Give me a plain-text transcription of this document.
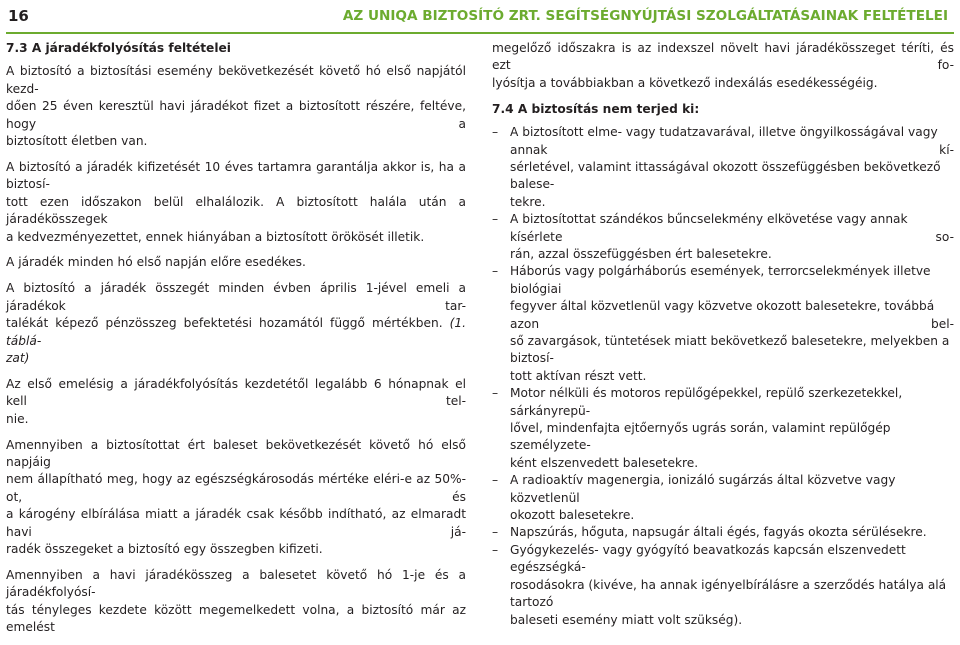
16	AZ UNIQA BIZTOSÍTÓ ZRT. SEGÍTSÉGNYÚJTÁSI SZOLGÁLTATÁSAINAK FELTÉTELEI

7.3 A járadékfolyósítás feltételei

A biztosító a biztosítási esemény bekövetkezését követő hó első napjától kezd-
dően 25 éven keresztül havi járadékot fizet a biztosított részére, feltéve, hogy a
biztosított életben van.

A biztosító a járadék kifizetését 10 éves tartamra garantálja akkor is, ha a biztosí-
tott ezen időszakon belül elhalálozik. A biztosított halála után a járadékösszegek
a kedvezményezettet, ennek hiányában a biztosított örökösét illetik.

A járadék minden hó első napján előre esedékes.

A biztosító a járadék összegét minden évben április 1-jével emeli a járadékok tar-
talékát képező pénzösszeg befektetési hozamától függő mértékben. (1. táblá-
zat)

Az első emelésig a járadékfolyósítás kezdetétől legalább 6 hónapnak el kell tel-
nie.

Amennyiben a biztosítottat ért baleset bekövetkezését követő hó első napjáig
nem állapítható meg, hogy az egészségkárosodás mértéke eléri-e az 50%-ot, és
a károgény elbírálása miatt a járadék csak később indítható, az elmaradt havi já-
radék összegeket a biztosító egy összegben kifizeti.

Amennyiben a havi járadékösszeg a balesetet követő hó 1-je és a járadékfolyósí-
tás tényleges kezdete között megemelkedett volna, a biztosító már az emelést

megelőző időszakra is az indexszel növelt havi járadékösszeget téríti, és ezt fo-
lyósítja a továbbiakban a következő indexálás esedékességéig.

7.4 A biztosítás nem terjed ki:

– A biztosított elme- vagy tudatzavarával, illetve öngyilkosságával vagy annak kí-
sérletével, valamint ittasságával okozott összefüggésben bekövetkező balese-
tekre.
– A biztosítottat szándékos bűncselekmény elkövetése vagy annak kísérlete so-
rán, azzal összefüggésben ért balesetekre.
– Háborús vagy polgárháborús események, terrorcselekmények illetve biológiai
fegyver által közvetlenül vagy közvetve okozott balesetekre, továbbá azon bel-
ső zavargások, tüntetések miatt bekövetkező balesetekre, melyekben a biztosí-
tott aktívan részt vett.
– Motor nélküli és motoros repülőgépekkel, repülő szerkezetekkel, sárkányrepü-
lővel, mindenfajta ejtőernyős ugrás során, valamint repülőgép személyzete-
ként elszenvedett balesetekre.
– A radioaktív magenergia, ionizáló sugárzás által közvetve vagy közvetlenül
okozott balesetekre.
– Napszúrás, hőguta, napsugár általi égés, fagyás okozta sérülésekre.
– Gyógykezelés- vagy gyógyító beavatkozás kapcsán elszenvedett egészségká-
rosodásokra (kivéve, ha annak igényelbírálásre a szerződés hatálya alá tartozó
baleseti esemény miatt volt szükség).
